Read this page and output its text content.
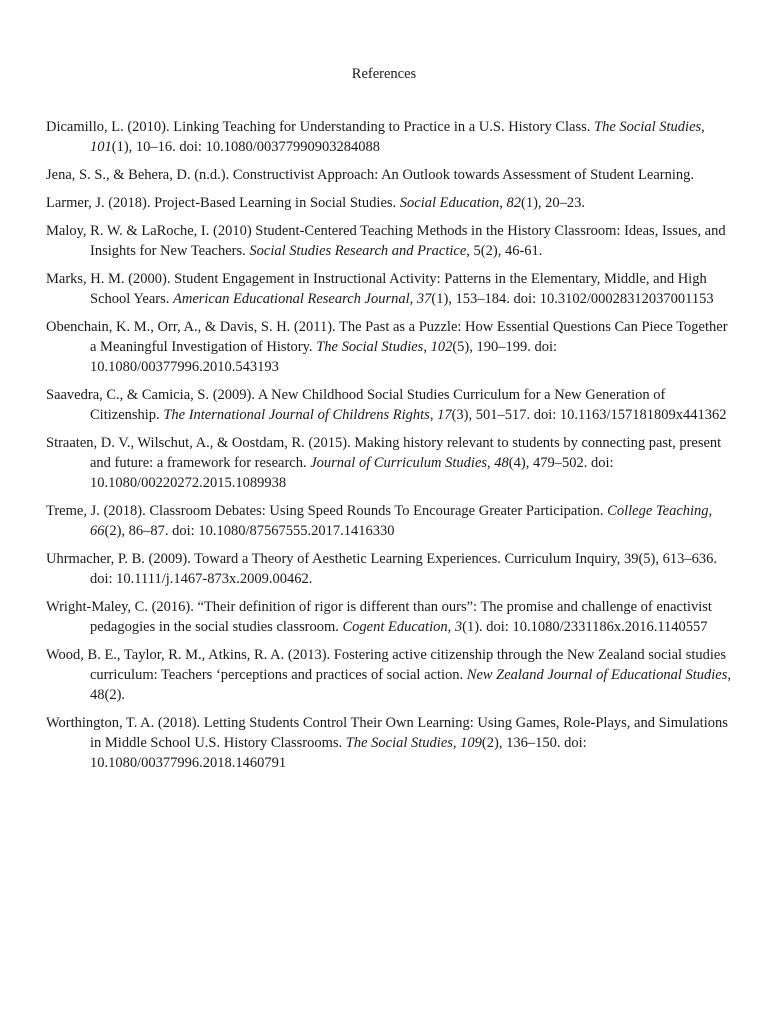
References
Dicamillo, L. (2010). Linking Teaching for Understanding to Practice in a U.S. History Class. The Social Studies, 101(1), 10–16. doi: 10.1080/00377990903284088
Jena, S. S., & Behera, D. (n.d.). Constructivist Approach: An Outlook towards Assessment of Student Learning.
Larmer, J. (2018). Project-Based Learning in Social Studies. Social Education, 82(1), 20–23.
Maloy, R. W. & LaRoche, I. (2010) Student-Centered Teaching Methods in the History Classroom: Ideas, Issues, and Insights for New Teachers. Social Studies Research and Practice, 5(2), 46-61.
Marks, H. M. (2000). Student Engagement in Instructional Activity: Patterns in the Elementary, Middle, and High School Years. American Educational Research Journal, 37(1), 153–184. doi: 10.3102/00028312037001153
Obenchain, K. M., Orr, A., & Davis, S. H. (2011). The Past as a Puzzle: How Essential Questions Can Piece Together a Meaningful Investigation of History. The Social Studies, 102(5), 190–199. doi: 10.1080/00377996.2010.543193
Saavedra, C., & Camicia, S. (2009). A New Childhood Social Studies Curriculum for a New Generation of Citizenship. The International Journal of Childrens Rights, 17(3), 501–517. doi: 10.1163/157181809x441362
Straaten, D. V., Wilschut, A., & Oostdam, R. (2015). Making history relevant to students by connecting past, present and future: a framework for research. Journal of Curriculum Studies, 48(4), 479–502. doi: 10.1080/00220272.2015.1089938
Treme, J. (2018). Classroom Debates: Using Speed Rounds To Encourage Greater Participation. College Teaching, 66(2), 86–87. doi: 10.1080/87567555.2017.1416330
Uhrmacher, P. B. (2009). Toward a Theory of Aesthetic Learning Experiences. Curriculum Inquiry, 39(5), 613–636. doi: 10.1111/j.1467-873x.2009.00462.
Wright-Maley, C. (2016). “Their definition of rigor is different than ours”: The promise and challenge of enactivist pedagogies in the social studies classroom. Cogent Education, 3(1). doi: 10.1080/2331186x.2016.1140557
Wood, B. E., Taylor, R. M., Atkins, R. A. (2013). Fostering active citizenship through the New Zealand social studies curriculum: Teachers ‘perceptions and practices of social action. New Zealand Journal of Educational Studies, 48(2).
Worthington, T. A. (2018). Letting Students Control Their Own Learning: Using Games, Role-Plays, and Simulations in Middle School U.S. History Classrooms. The Social Studies, 109(2), 136–150. doi: 10.1080/00377996.2018.1460791
